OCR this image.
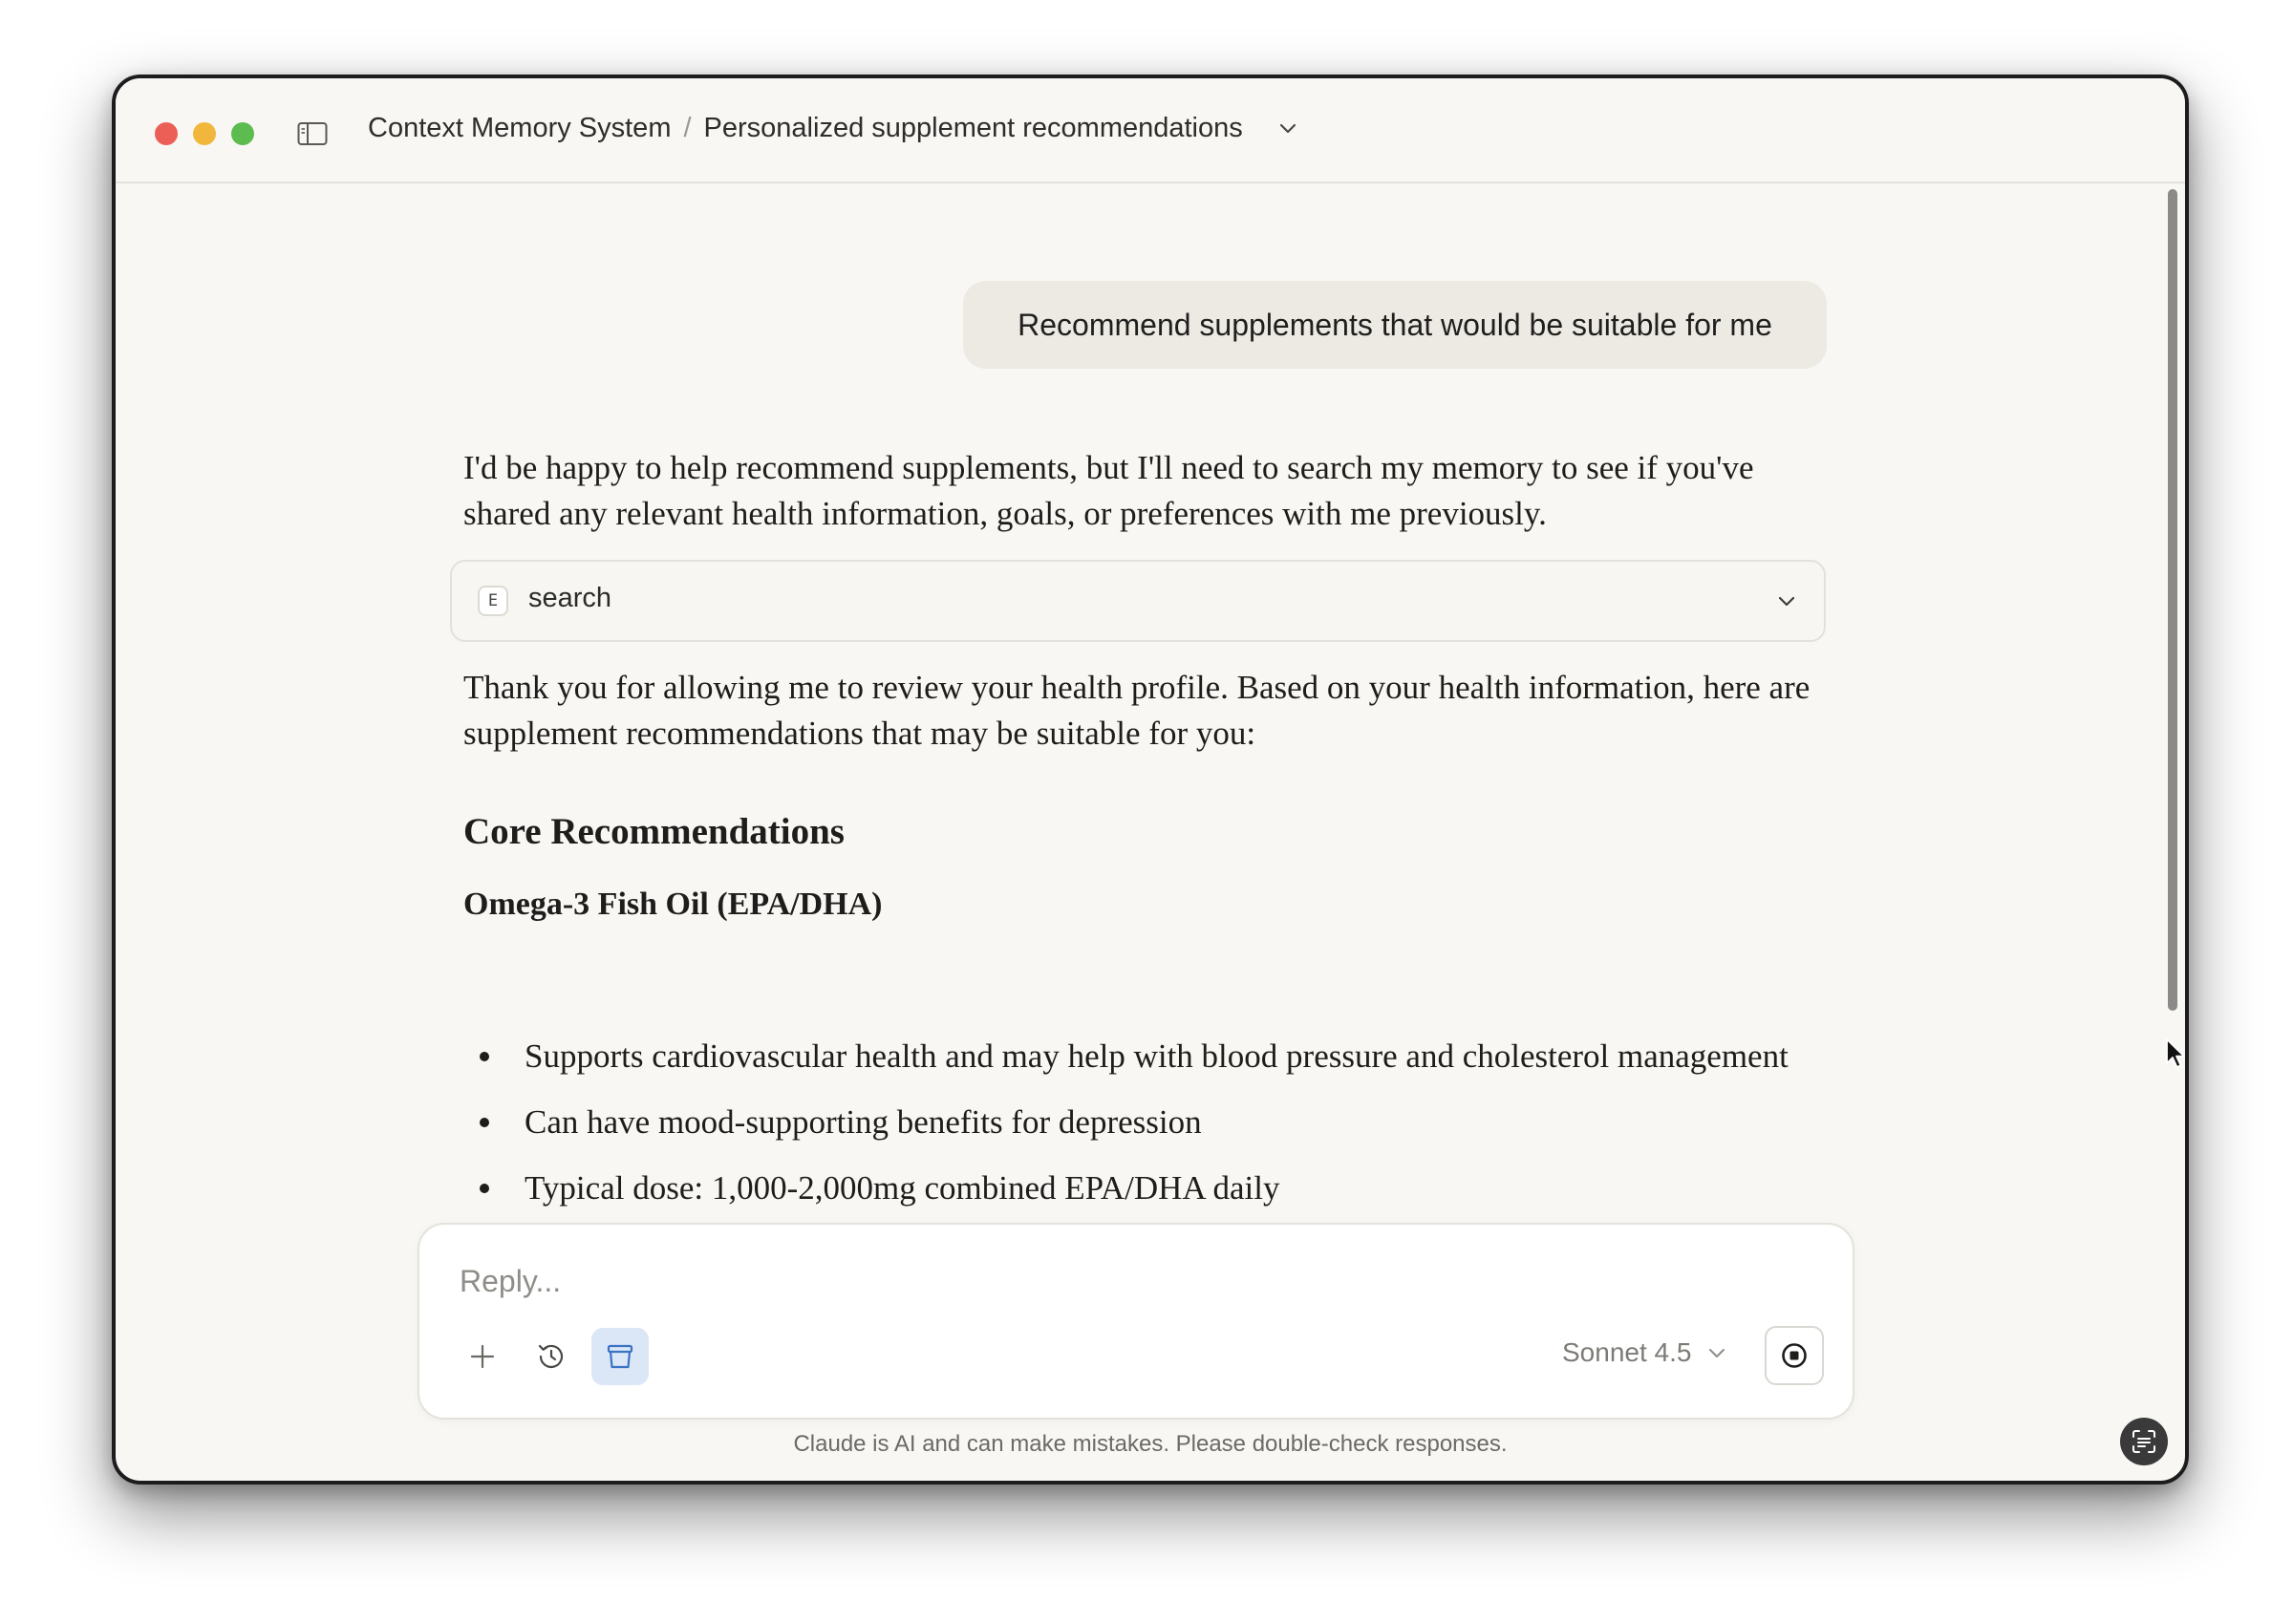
Context Memory System / Personalized supplement recommendations
Recommend supplements that would be suitable for me
I'd be happy to help recommend supplements, but I'll need to search my memory to see if you've shared any relevant health information, goals, or preferences with me previously.
E	search
Thank you for allowing me to review your health profile. Based on your health information, here are supplement recommendations that may be suitable for you:
Core Recommendations
Omega-3 Fish Oil (EPA/DHA)
Supports cardiovascular health and may help with blood pressure and cholesterol management
Can have mood-supporting benefits for depression
Typical dose: 1,000-2,000mg combined EPA/DHA daily
Reply...
Sonnet 4.5
Claude is AI and can make mistakes. Please double-check responses.
